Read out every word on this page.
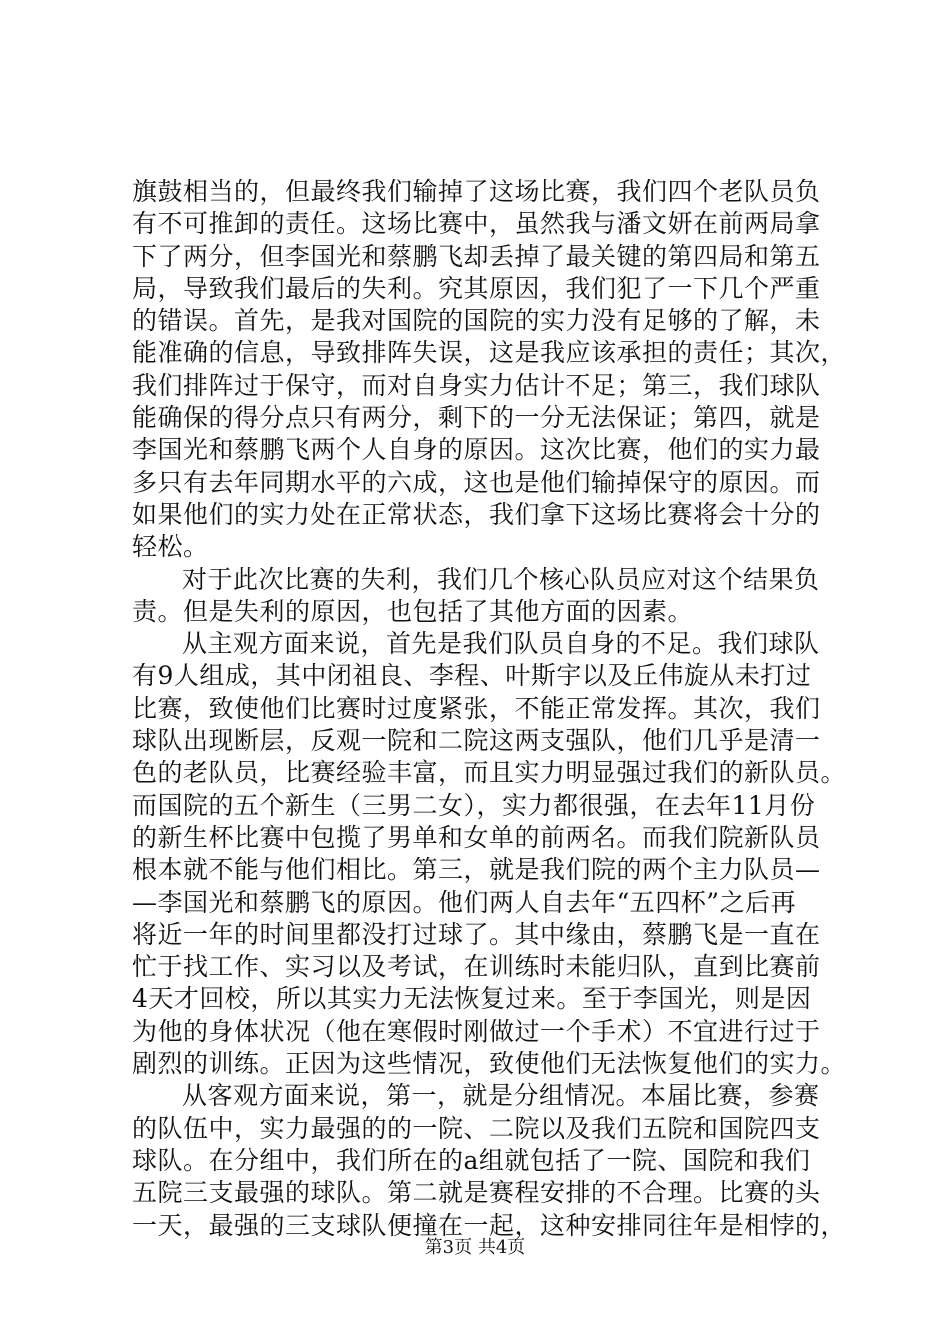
旗鼓相当的，但最终我们输掉了这场比赛，我们四个老队员负
有不可推卸的责任。这场比赛中，虽然我与潘文妍在前两局拿
下了两分，但李国光和蔡鹏飞却丢掉了最关键的第四局和第五
局，导致我们最后的失利。究其原因，我们犯了一下几个严重
的错误。首先，是我对国院的国院的实力没有足够的了解，未
能准确的信息，导致排阵失误，这是我应该承担的责任；其次，
我们排阵过于保守，而对自身实力估计不足；第三，我们球队
能确保的得分点只有两分，剩下的一分无法保证；第四，就是
李国光和蔡鹏飞两个人自身的原因。这次比赛，他们的实力最
多只有去年同期水平的六成，这也是他们输掉保守的原因。而
如果他们的实力处在正常状态，我们拿下这场比赛将会十分的
轻松。
对于此次比赛的失利，我们几个核心队员应对这个结果负
责。但是失利的原因，也包括了其他方面的因素。
从主观方面来说，首先是我们队员自身的不足。我们球队
有9人组成，其中闭祖良、李程、叶斯宇以及丘伟旋从未打过
比赛，致使他们比赛时过度紧张，不能正常发挥。其次，我们
球队出现断层，反观一院和二院这两支强队，他们几乎是清一
色的老队员，比赛经验丰富，而且实力明显强过我们的新队员。
而国院的五个新生（三男二女），实力都很强，在去年11月份
的新生杯比赛中包揽了男单和女单的前两名。而我们院新队员
根本就不能与他们相比。第三，就是我们院的两个主力队员—
—李国光和蔡鹏飞的原因。他们两人自去年“五四杯”之后再
将近一年的时间里都没打过球了。其中缘由，蔡鹏飞是一直在
忙于找工作、实习以及考试，在训练时未能归队，直到比赛前
4天才回校，所以其实力无法恢复过来。至于李国光，则是因
为他的身体状况（他在寒假时刚做过一个手术）不宜进行过于
剧烈的训练。正因为这些情况，致使他们无法恢复他们的实力。
从客观方面来说，第一，就是分组情况。本届比赛，参赛
的队伍中，实力最强的的一院、二院以及我们五院和国院四支
球队。在分组中，我们所在的a组就包括了一院、国院和我们
五院三支最强的球队。第二就是赛程安排的不合理。比赛的头
一天，最强的三支球队便撞在一起，这种安排同往年是相悖的，
第3页 共4页
